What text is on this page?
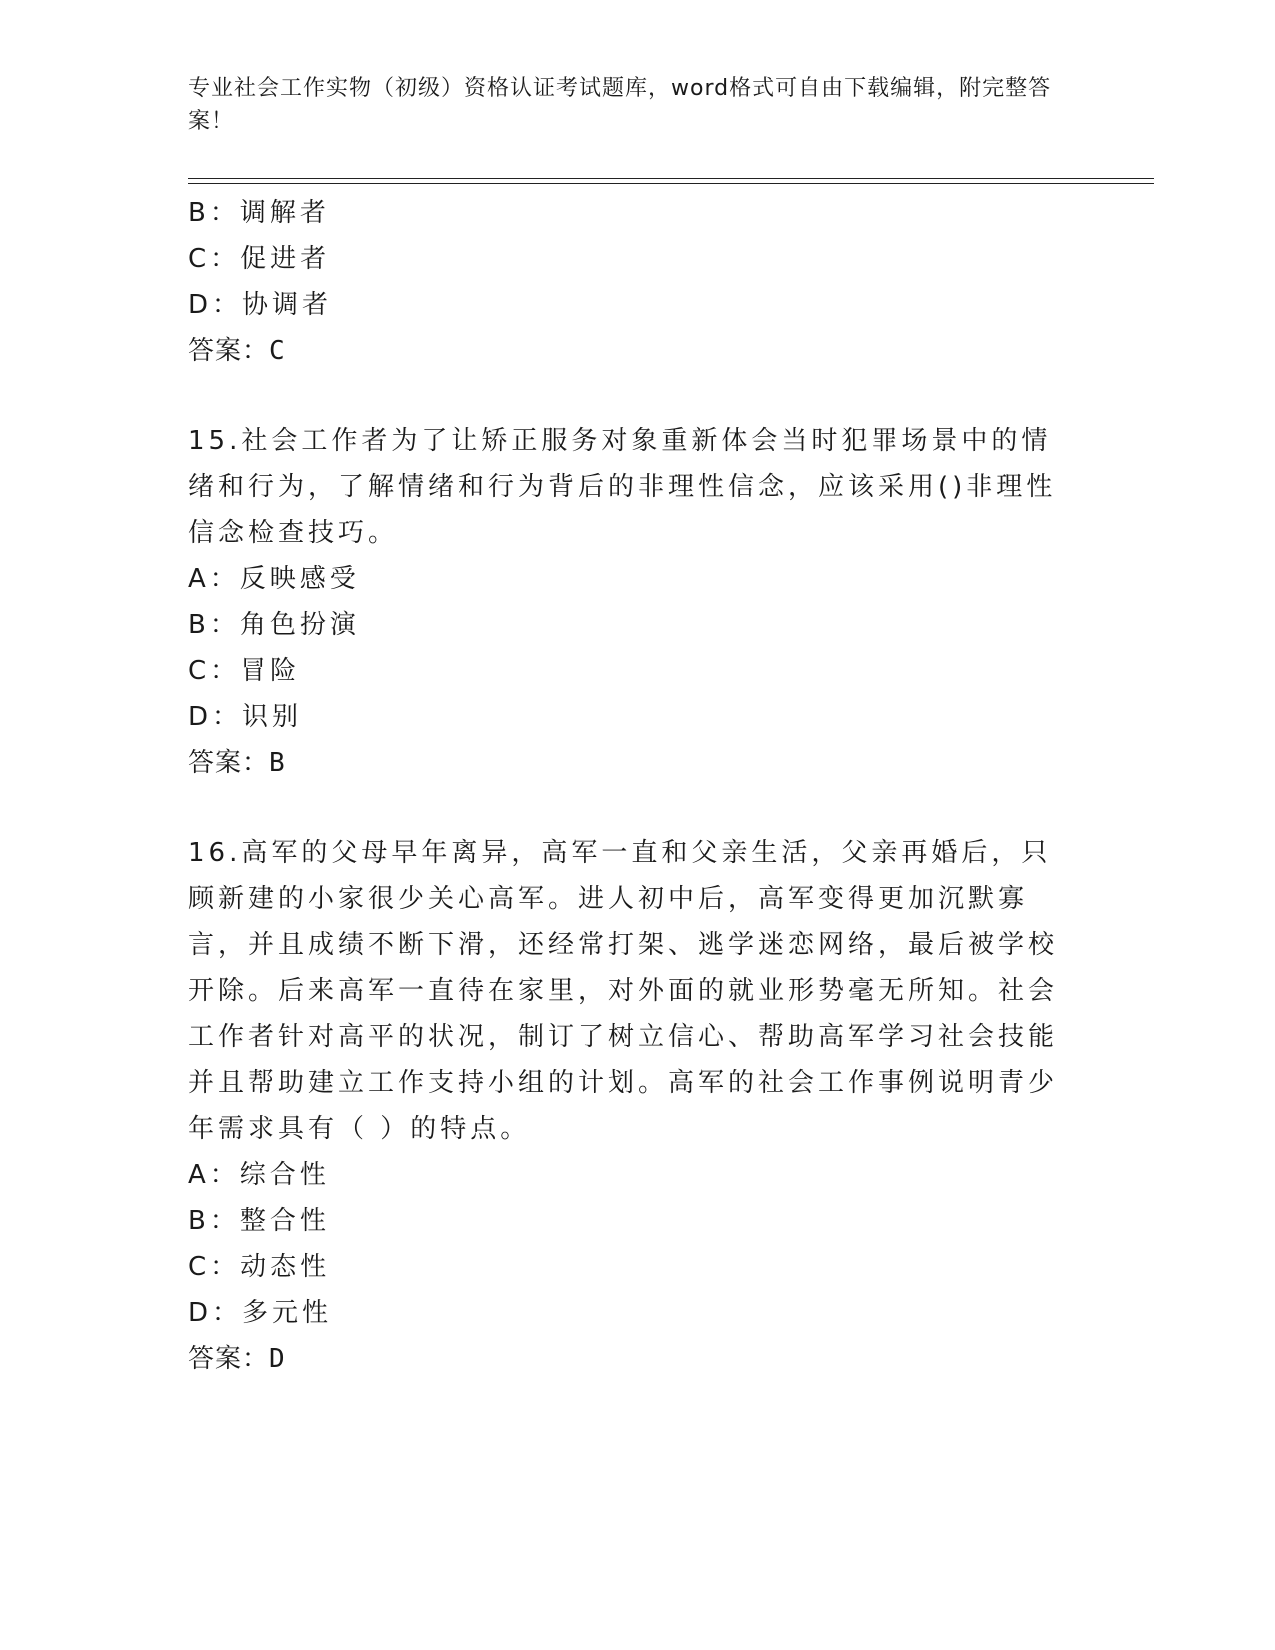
专业社会工作实物（初级）资格认证考试题库，word格式可自由下载编辑，附完整答案！
B：调解者
C：促进者
D：协调者
答案：C
15.社会工作者为了让矫正服务对象重新体会当时犯罪场景中的情绪和行为，了解情绪和行为背后的非理性信念，应该采用()非理性信念检查技巧。
A：反映感受
B：角色扮演
C：冒险
D：识别
答案：B
16.高军的父母早年离异，高军一直和父亲生活，父亲再婚后，只顾新建的小家很少关心高军。进人初中后，高军变得更加沉默寡言，并且成绩不断下滑，还经常打架、逃学迷恋网络，最后被学校开除。后来高军一直待在家里，对外面的就业形势毫无所知。社会工作者针对高平的状况，制订了树立信心、帮助高军学习社会技能并且帮助建立工作支持小组的计划。高军的社会工作事例说明青少年需求具有（ ）的特点。
A：综合性
B：整合性
C：动态性
D：多元性
答案：D
